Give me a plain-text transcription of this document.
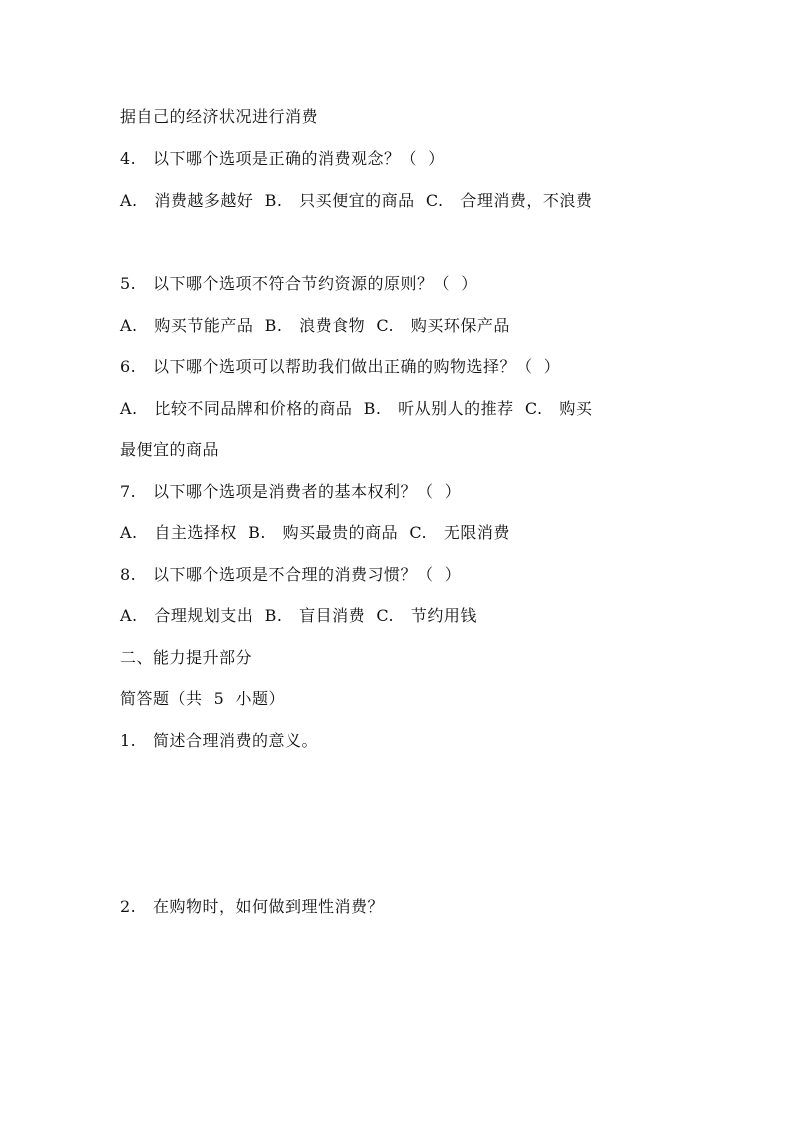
据自己的经济状况进行消费
4.   以下哪个选项是正确的消费观念？（  ）
A.   消费越多越好  B.   只买便宜的商品  C.   合理消费，不浪费
5.   以下哪个选项不符合节约资源的原则？（  ）
A.   购买节能产品  B.   浪费食物  C.   购买环保产品
6.   以下哪个选项可以帮助我们做出正确的购物选择？（  ）
A.   比较不同品牌和价格的商品  B.   听从别人的推荐  C.   购买
最便宜的商品
7.   以下哪个选项是消费者的基本权利？（  ）
A.   自主选择权  B.   购买最贵的商品  C.   无限消费
8.   以下哪个选项是不合理的消费习惯？（  ）
A.   合理规划支出  B.   盲目消费  C.   节约用钱
二、能力提升部分
简答题（共  5  小题）
1.   简述合理消费的意义。
2.   在购物时，如何做到理性消费？
